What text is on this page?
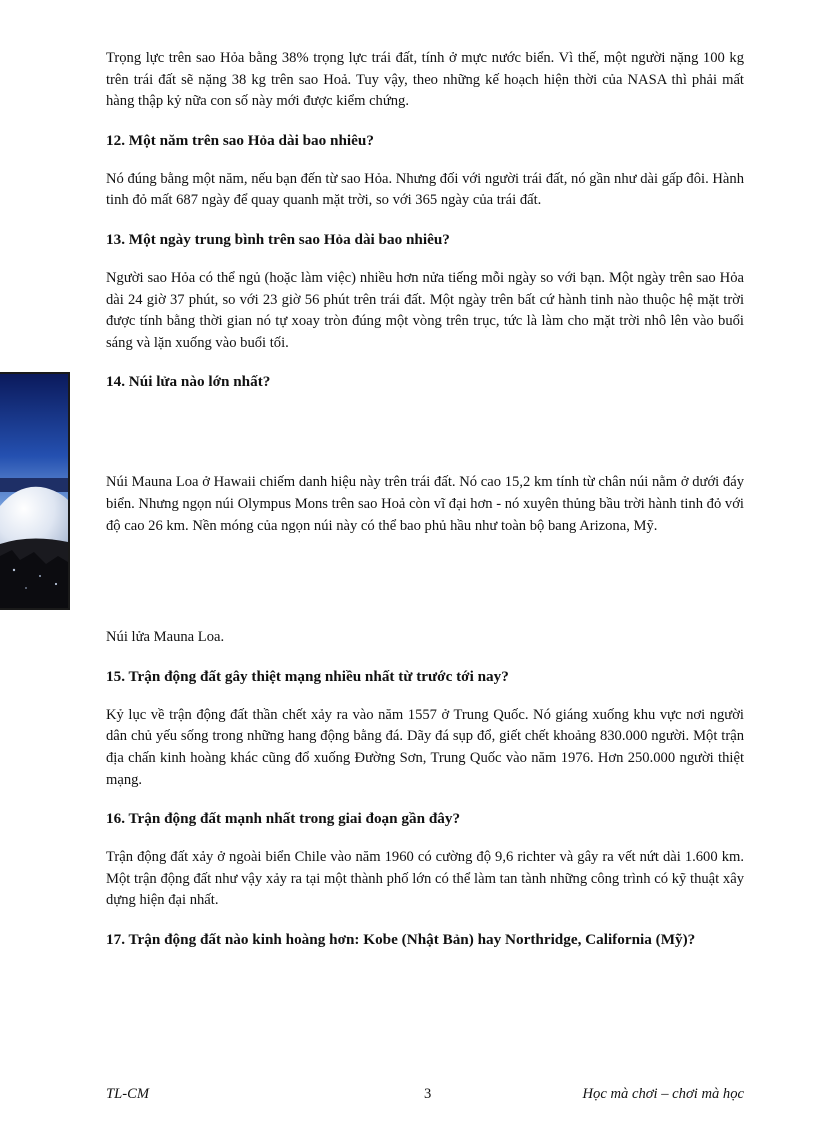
Trọng lực trên sao Hỏa bằng 38% trọng lực trái đất, tính ở mực nước biển. Vì thế, một người nặng 100 kg trên trái đất sẽ nặng 38 kg trên sao Hoả. Tuy vậy, theo những kế hoạch hiện thời của NASA thì phải mất hàng thập kỷ nữa con số này mới được kiểm chứng.

12. Một năm trên sao Hỏa dài bao nhiêu?

Nó đúng bằng một năm, nếu bạn đến từ sao Hỏa. Nhưng đối với người trái đất, nó gần như dài gấp đôi. Hành tinh đỏ mất 687 ngày để quay quanh mặt trời, so với 365 ngày của trái đất.

13. Một ngày trung bình trên sao Hỏa dài bao nhiêu?

Người sao Hỏa có thể ngủ (hoặc làm việc) nhiều hơn nửa tiếng mỗi ngày so với bạn. Một ngày trên sao Hỏa dài 24 giờ 37 phút, so với 23 giờ 56 phút trên trái đất. Một ngày trên bất cứ hành tinh nào thuộc hệ mặt trời được tính bằng thời gian nó tự xoay tròn đúng một vòng trên trục, tức là làm cho mặt trời nhô lên vào buổi sáng và lặn xuống vào buổi tối.

14. Núi lửa nào lớn nhất?

Núi Mauna Loa ở Hawaii chiếm danh hiệu này trên trái đất. Nó cao 15,2 km tính từ chân núi nằm ở dưới đáy biển. Nhưng ngọn núi Olympus Mons trên sao Hoả còn vĩ đại hơn - nó xuyên thủng bầu trời hành tinh đỏ với độ cao 26 km. Nền móng của ngọn núi này có thể bao phủ hầu như toàn bộ bang Arizona, Mỹ.

Núi lửa Mauna Loa.

15. Trận động đất gây thiệt mạng nhiều nhất từ trước tới nay?

Kỷ lục về trận động đất thần chết xảy ra vào năm 1557 ở Trung Quốc. Nó giáng xuống khu vực nơi người dân chủ yếu sống trong những hang động bằng đá. Dãy đá sụp đổ, giết chết khoảng 830.000 người. Một trận địa chấn kinh hoàng khác cũng đổ xuống Đường Sơn, Trung Quốc vào năm 1976. Hơn 250.000 người thiệt mạng.

16. Trận động đất mạnh nhất trong giai đoạn gần đây?

Trận động đất xảy ở ngoài biển Chile vào năm 1960 có cường độ 9,6 richter và gây ra vết nứt dài 1.600 km. Một trận động đất như vậy xảy ra tại một thành phố lớn có thể làm tan tành những công trình có kỹ thuật xây dựng hiện đại nhất.

17. Trận động đất nào kinh hoàng hơn: Kobe (Nhật Bản) hay Northridge, California (Mỹ)?
TL-CM	3	Học mà chơi – chơi mà học
